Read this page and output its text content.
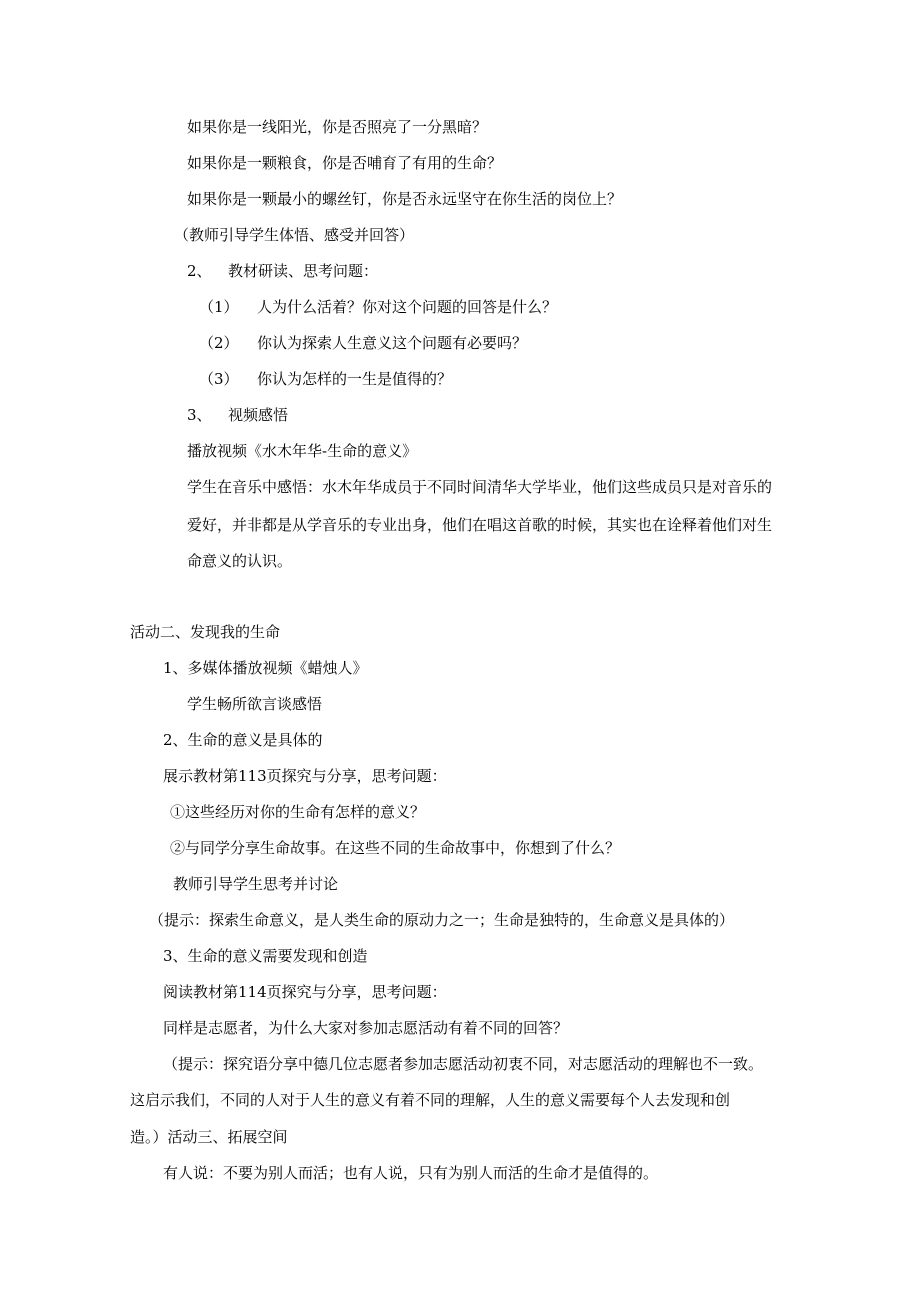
如果你是一线阳光，你是否照亮了一分黑暗？

如果你是一颗粮食，你是否哺育了有用的生命？

如果你是一颗最小的螺丝钉，你是否永远坚守在你生活的岗位上？

（教师引导学生体悟、感受并回答）

2、 教材研读、思考问题：

（1） 人为什么活着？你对这个问题的回答是什么？

（2） 你认为探索人生意义这个问题有必要吗？

（3） 你认为怎样的一生是值得的？

3、 视频感悟

播放视频《水木年华-生命的意义》

学生在音乐中感悟：水木年华成员于不同时间清华大学毕业，他们这些成员只是对音乐的

爱好，并非都是从学音乐的专业出身，他们在唱这首歌的时候，其实也在诠释着他们对生

命意义的认识。

活动二、发现我的生命

1、多媒体播放视频《蜡烛人》

学生畅所欲言谈感悟

2、生命的意义是具体的

展示教材第113页探究与分享，思考问题：

①这些经历对你的生命有怎样的意义？

②与同学分享生命故事。在这些不同的生命故事中，你想到了什么？

教师引导学生思考并讨论

（提示：探索生命意义，是人类生命的原动力之一；生命是独特的，生命意义是具体的）

3、生命的意义需要发现和创造

阅读教材第114页探究与分享，思考问题：

同样是志愿者，为什么大家对参加志愿活动有着不同的回答？

（提示：探究语分享中德几位志愿者参加志愿活动初衷不同，对志愿活动的理解也不一致。

这启示我们，不同的人对于人生的意义有着不同的理解，人生的意义需要每个人去发现和创

造。）活动三、拓展空间

有人说：不要为别人而活；也有人说，只有为别人而活的生命才是值得的。
